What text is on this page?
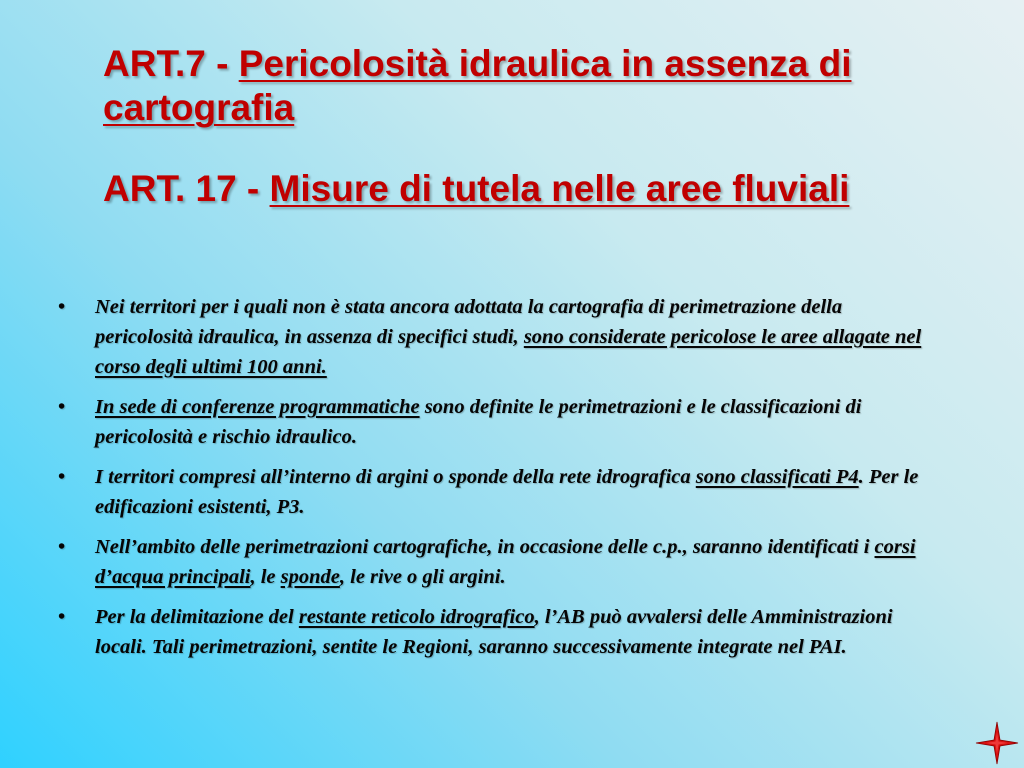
ART.7 - Pericolosità idraulica in assenza di cartografia
ART. 17 - Misure di tutela nelle aree fluviali
• Nei territori per i quali non è stata ancora adottata la cartografia di perimetrazione della pericolosità idraulica, in assenza di specifici studi, sono considerate pericolose le aree allagate nel corso degli ultimi 100 anni.
• In sede di conferenze programmatiche sono definite le perimetrazioni e le classificazioni di pericolosità e rischio idraulico.
• I territori compresi all’interno di argini o sponde della rete idrografica sono classificati P4. Per le edificazioni esistenti, P3.
• Nell’ambito delle perimetrazioni cartografiche, in occasione delle c.p., saranno identificati i corsi d’acqua principali, le sponde, le rive o gli argini.
• Per la delimitazione del restante reticolo idrografico, l’AB può avvalersi delle Amministrazioni locali. Tali perimetrazioni, sentite le Regioni, saranno successivamente integrate nel PAI.
